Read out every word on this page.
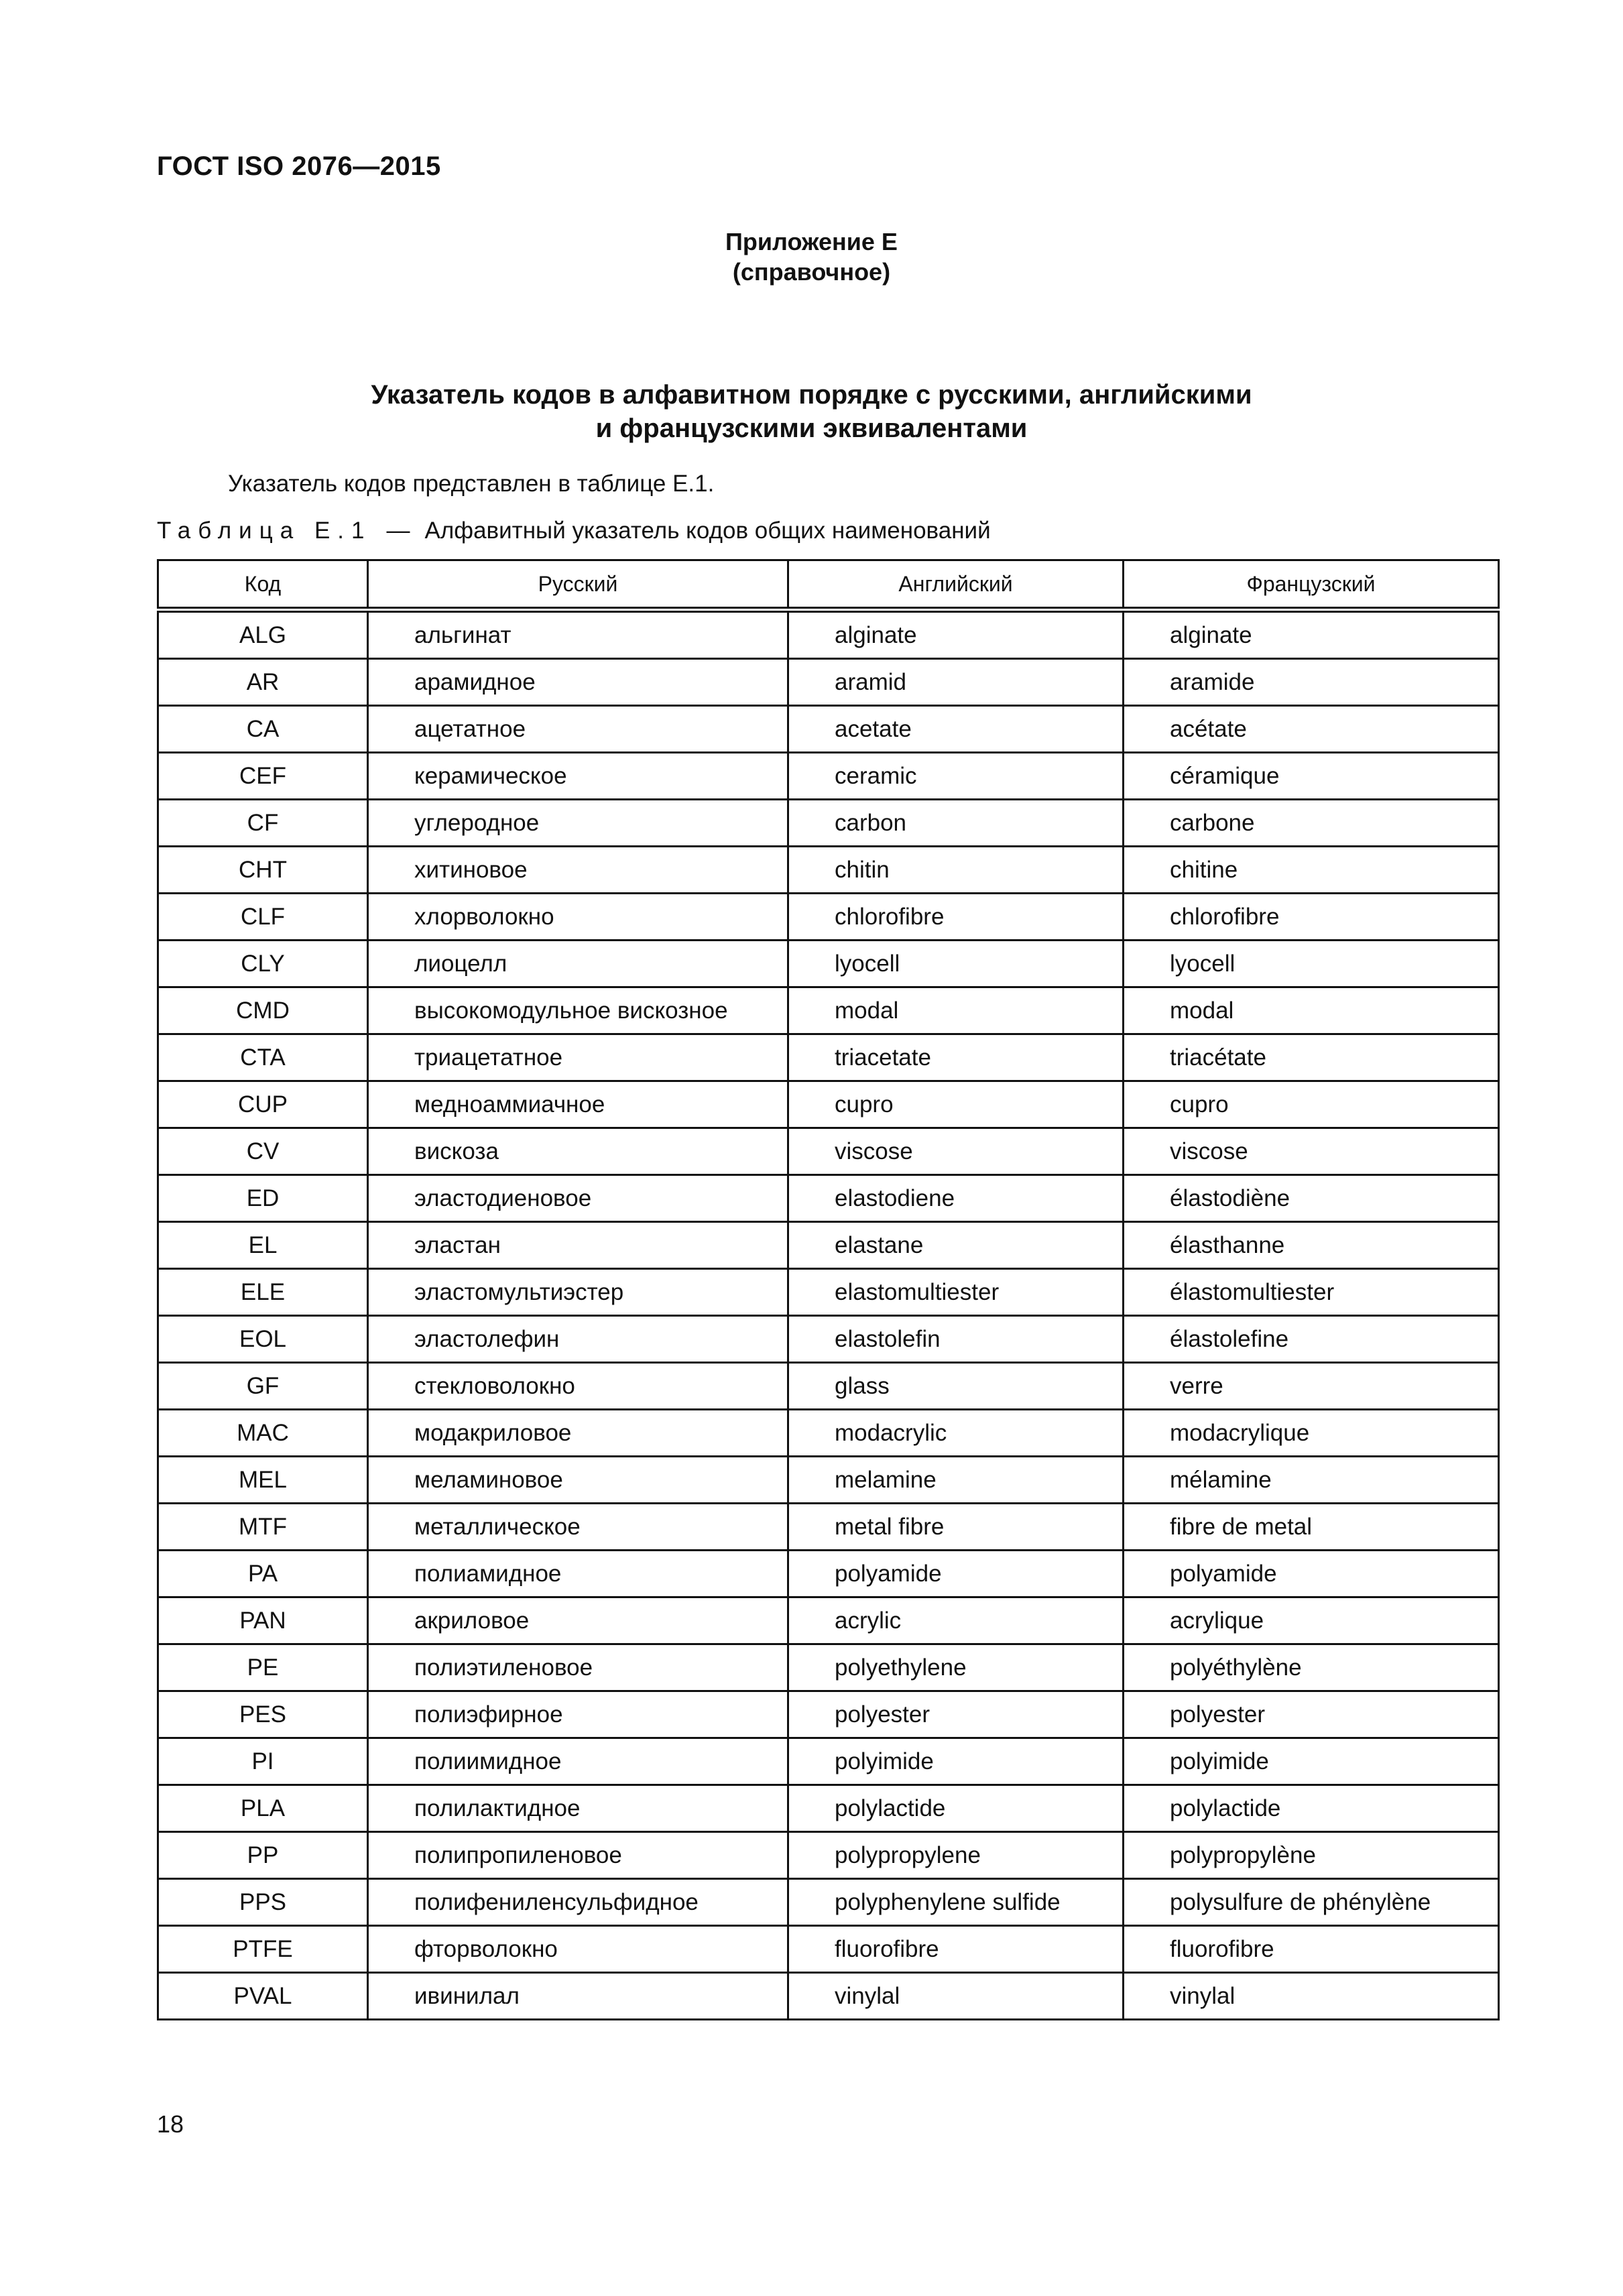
ГОСТ ISO 2076—2015
Приложение Е
(справочное)
Указатель кодов в алфавитном порядке с русскими, английскими
и французскими эквивалентами
Указатель кодов представлен в таблице Е.1.
Таблица Е.1 — Алфавитный указатель кодов общих наименований
Код	Русский	Английский	Французский
ALG	альгинат	alginate	alginate
AR	арамидное	aramid	aramide
CA	ацетатное	acetate	acétate
CEF	керамическое	ceramic	céramique
CF	углеродное	carbon	carbone
CHT	хитиновое	chitin	chitine
CLF	хлорволокно	chlorofibre	chlorofibre
CLY	лиоцелл	lyocell	lyocell
CMD	высокомодульное вискозное	modal	modal
CTA	триацетатное	triacetate	triacétate
CUP	медноаммиачное	cupro	cupro
CV	вискоза	viscose	viscose
ED	эластодиеновое	elastodiene	élastodiène
EL	эластан	elastane	élasthanne
ELE	эластомультиэстер	elastomultiester	élastomultiester
EOL	эластолефин	elastolefin	élastolefine
GF	стекловолокно	glass	verre
MAC	модакриловое	modacrylic	modacrylique
MEL	меламиновое	melamine	mélamine
MTF	металлическое	metal fibre	fibre de metal
PA	полиамидное	polyamide	polyamide
PAN	акриловое	acrylic	acrylique
PE	полиэтиленовое	polyethylene	polyéthylène
PES	полиэфирное	polyester	polyester
PI	полиимидное	polyimide	polyimide
PLA	полилактидное	polylactide	polylactide
PP	полипропиленовое	polypropylene	polypropylène
PPS	полифениленсульфидное	polyphenylene sulfide	polysulfure de phénylène
PTFE	фторволокно	fluorofibre	fluorofibre
PVAL	ивинилал	vinylal	vinylal
18
